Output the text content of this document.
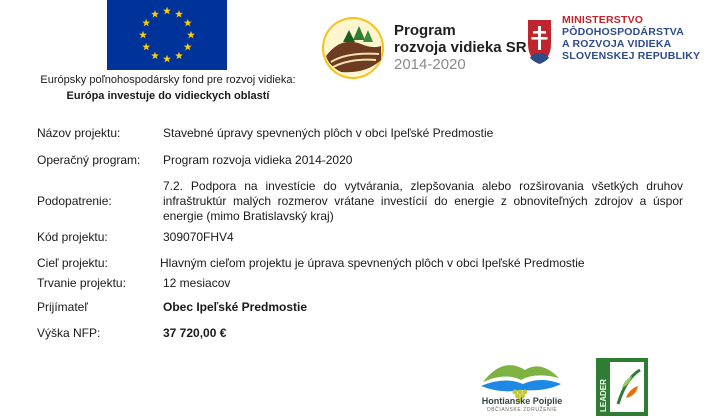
Európsky poľnohospodársky fond pre rozvoj vidieka:
Európa investuje do vidieckych oblastí
Program
rozvoja vidieka SR
2014-2020
MINISTERSTVO
PÔDOHOSPODÁRSTVA
A ROZVOJA VIDIEKA
SLOVENSKEJ REPUBLIKY
Názov projektu:	Stavebné úpravy spevnených plôch v obci Ipeľské Predmostie
Operačný program: Program rozvoja vidieka 2014-2020
Podopatrenie:
7.2. Podpora na investície do vytvárania, zlepšovania alebo rozširovania všetkých druhov infraštruktúr malých rozmerov vrátane investícií do energie z obnoviteľných zdrojov a úspor energie (mimo Bratislavský kraj)
Kód projektu:	309070FHV4
Cieľ projektu:	Hlavným cieľom projektu je úprava spevnených plôch v obci Ipeľské Predmostie
Trvanie projektu:	12 mesiacov
Prijímateľ	Obec Ipeľské Predmostie
Výška NFP:	37 720,00 €
Hontianske Poiplie
OBČIANSKE ZDRUŽENIE	LEADER
